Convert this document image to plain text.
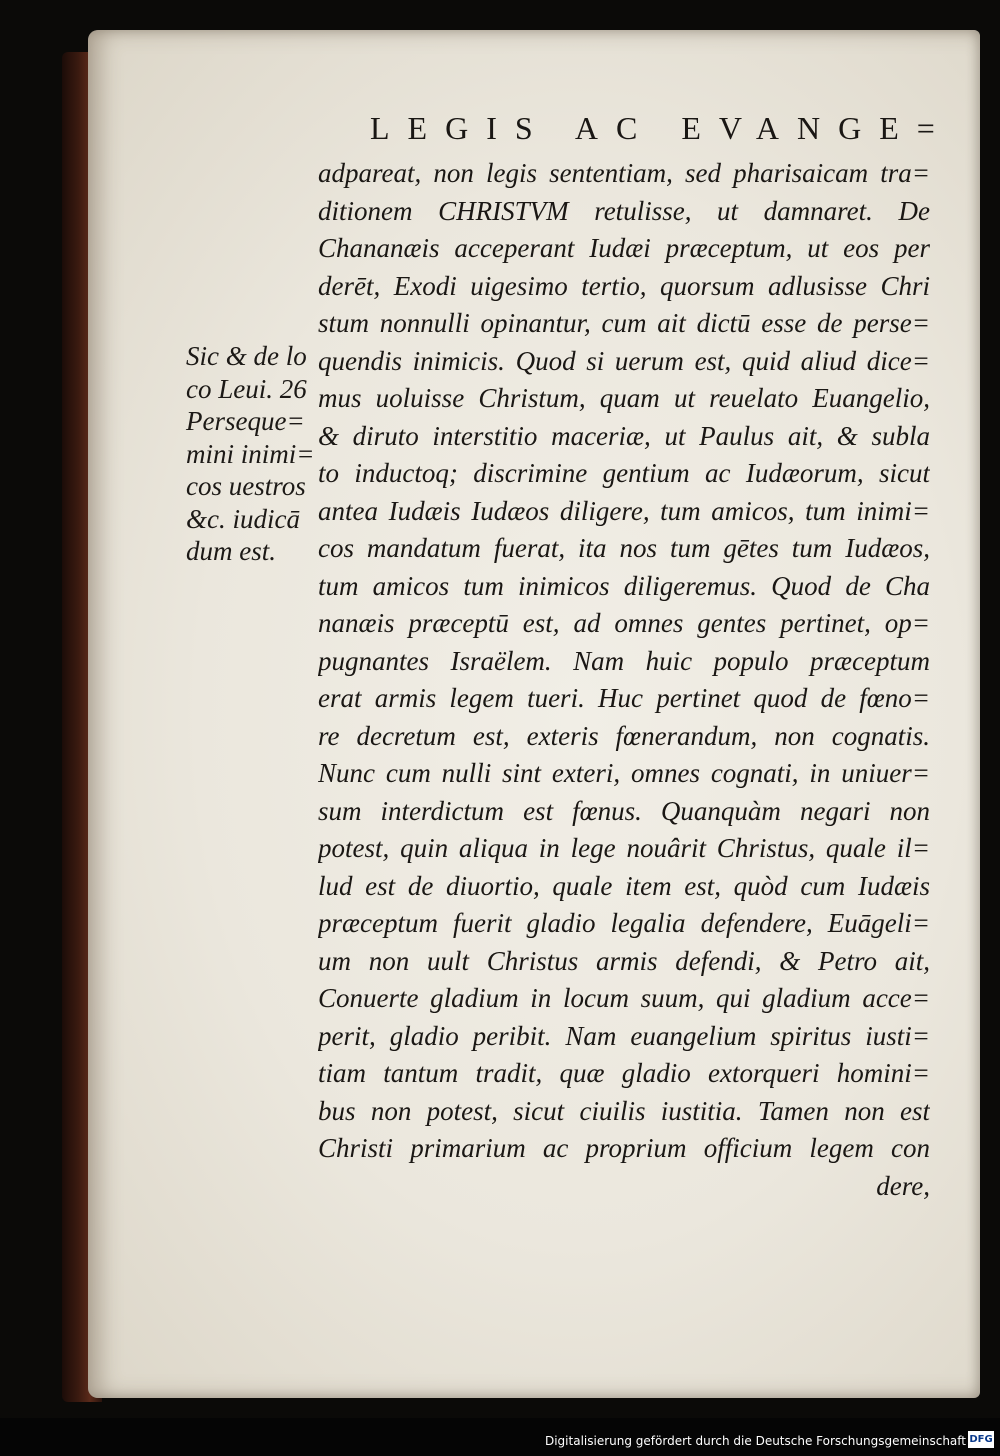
LEGIS AC EVANGE=
Sic & de lo
co Leui. 26
Perseque=
mini inimi=
cos uestros
&c. iudicā
dum est.
adpareat, non legis sententiam, sed pharisaicam tra=
ditionem CHRISTVM retulisse, ut damnaret. De
Chananæis acceperant Iudæi præceptum, ut eos per
derēt, Exodi uigesimo tertio, quorsum adlusisse Chri
stum nonnulli opinantur, cum ait dictū esse de perse=
quendis inimicis. Quod si uerum est, quid aliud dice=
mus uoluisse Christum, quam ut reuelato Euangelio,
& diruto interstitio maceriæ, ut Paulus ait, & subla
to inductoq; discrimine gentium ac Iudæorum, sicut
antea Iudæis Iudæos diligere, tum amicos, tum inimi=
cos mandatum fuerat, ita nos tum gētes tum Iudæos,
tum amicos tum inimicos diligeremus. Quod de Cha
nanæis præceptū est, ad omnes gentes pertinet, op=
pugnantes Israëlem. Nam huic populo præceptum
erat armis legem tueri. Huc pertinet quod de fœno=
re decretum est, exteris fœnerandum, non cognatis.
Nunc cum nulli sint exteri, omnes cognati, in uniuer=
sum interdictum est fœnus. Quanquàm negari non
potest, quin aliqua in lege nouârit Christus, quale il=
lud est de diuortio, quale item est, quòd cum Iudæis
præceptum fuerit gladio legalia defendere, Euāgeli=
um non uult Christus armis defendi, & Petro ait,
Conuerte gladium in locum suum, qui gladium acce=
perit, gladio peribit. Nam euangelium spiritus iusti=
tiam tantum tradit, quæ gladio extorqueri homini=
bus non potest, sicut ciuilis iustitia. Tamen non est
Christi primarium ac proprium officium legem con
dere,
Digitalisierung gefördert durch die Deutsche Forschungsgemeinschaft DFG
